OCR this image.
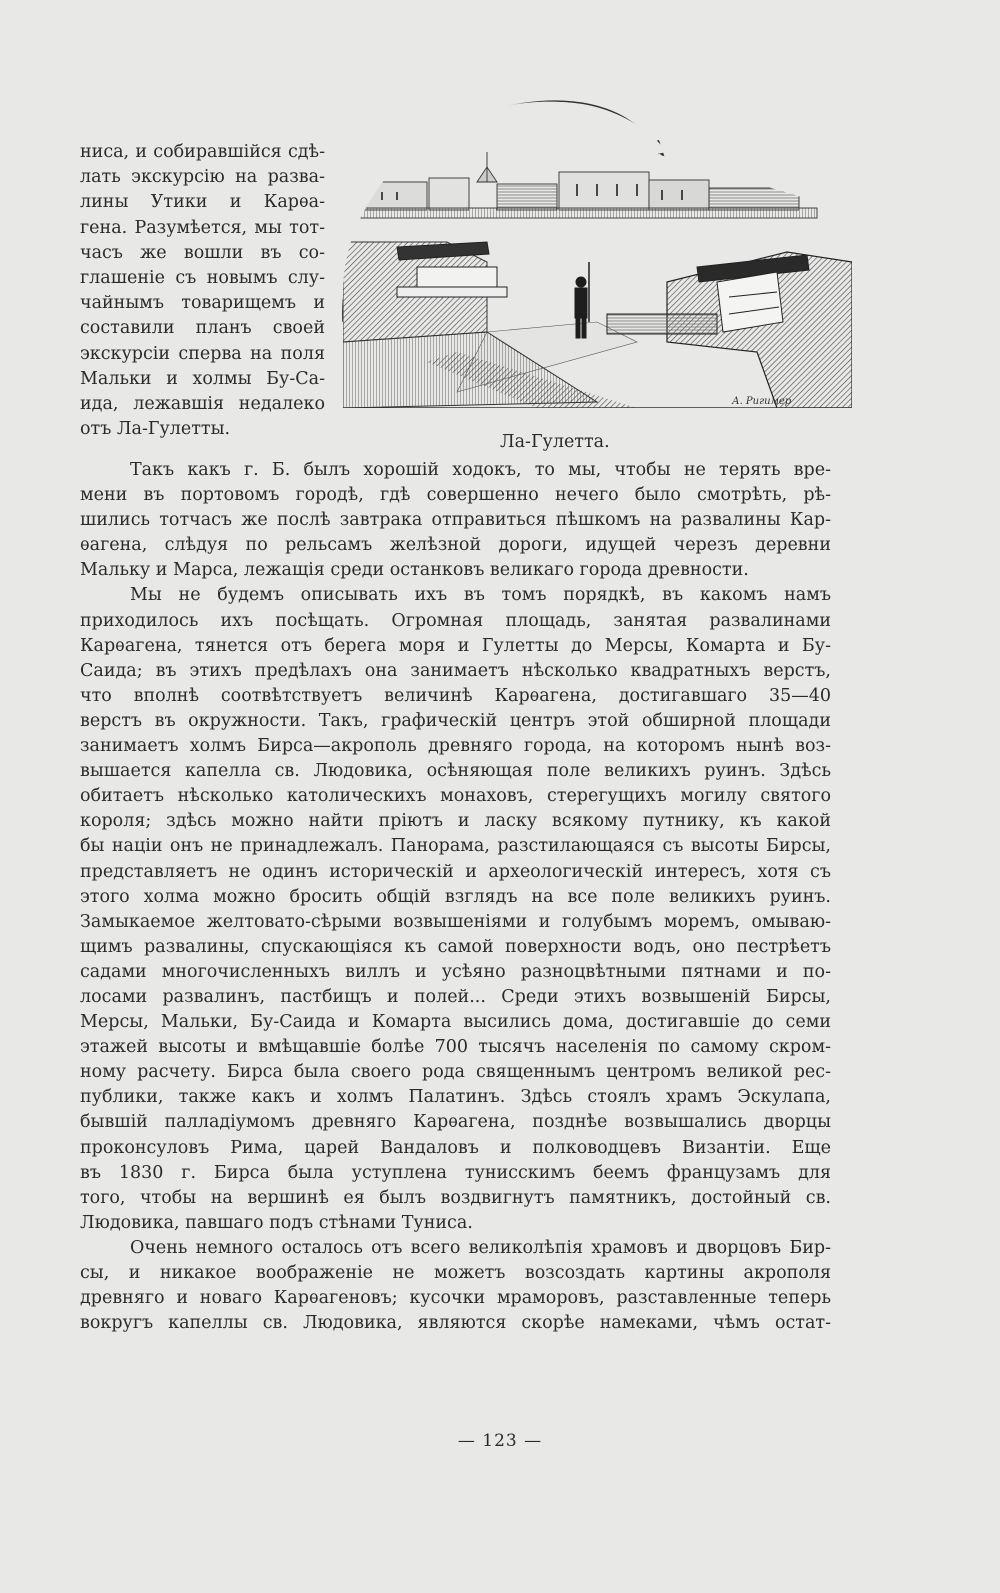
ниса, и собиравшійся сдѣ-
лать экскурсію на разва-
лины Утики и Карѳа-
гена. Разумѣется, мы тот-
часъ же вошли въ со-
глашеніе съ новымъ слу-
чайнымъ товарищемъ и
составили планъ своей
экскурсіи сперва на поля
Мальки и холмы Бу-Са-
ида, лежавшія недалеко
отъ Ла-Гулетты.
А. Ригимер
Ла-Гулетта.
Такъ какъ г. Б. былъ хорошій ходокъ, то мы, чтобы не терять вре-
мени въ портовомъ городѣ, гдѣ совершенно нечего было смотрѣть, рѣ-
шились тотчасъ же послѣ завтрака отправиться пѣшкомъ на развалины Кар-
ѳагена, слѣдуя по рельсамъ желѣзной дороги, идущей черезъ деревни
Мальку и Марса, лежащія среди останковъ великаго города древности.
Мы не будемъ описывать ихъ въ томъ порядкѣ, въ какомъ намъ
приходилось ихъ посѣщать. Огромная площадь, занятая развалинами
Карѳагена, тянется отъ берега моря и Гулетты до Мерсы, Комарта и Бу-
Саида; въ этихъ предѣлахъ она занимаетъ нѣсколько квадратныхъ верстъ,
что вполнѣ соотвѣтствуетъ величинѣ Карѳагена, достигавшаго 35—40
верстъ въ окружности. Такъ, графическій центръ этой обширной площади
занимаетъ холмъ Бирса—акрополь древняго города, на которомъ нынѣ воз-
вышается капелла св. Людовика, осѣняющая поле великихъ руинъ. Здѣсь
обитаетъ нѣсколько католическихъ монаховъ, стерегущихъ могилу святого
короля; здѣсь можно найти пріютъ и ласку всякому путнику, къ какой
бы націи онъ не принадлежалъ. Панорама, разстилающаяся съ высоты Бирсы,
представляетъ не одинъ историческій и археологическій интересъ, хотя съ
этого холма можно бросить общій взглядъ на все поле великихъ руинъ.
Замыкаемое желтовато-сѣрыми возвышеніями и голубымъ моремъ, омываю-
щимъ развалины, спускающіяся къ самой поверхности водъ, оно пестрѣетъ
садами многочисленныхъ виллъ и усѣяно разноцвѣтными пятнами и по-
лосами развалинъ, пастбищъ и полей... Среди этихъ возвышеній Бирсы,
Мерсы, Мальки, Бу-Саида и Комарта высились дома, достигавшіе до семи
этажей высоты и вмѣщавшіе болѣе 700 тысячъ населенія по самому скром-
ному расчету. Бирса была своего рода священнымъ центромъ великой рес-
публики, также какъ и холмъ Палатинъ. Здѣсь стоялъ храмъ Эскулапа,
бывшій палладіумомъ древняго Карѳагена, позднѣе возвышались дворцы
проконсуловъ Рима, царей Вандаловъ и полководцевъ Византіи. Еще
въ 1830 г. Бирса была уступлена тунисскимъ беемъ французамъ для
того, чтобы на вершинѣ ея былъ воздвигнутъ памятникъ, достойный св.
Людовика, павшаго подъ стѣнами Туниса.
Очень немного осталось отъ всего великолѣпія храмовъ и дворцовъ Бир-
сы, и никакое воображеніе не можетъ возсоздать картины акрополя
древняго и новаго Карѳагеновъ; кусочки мраморовъ, разставленные теперь
вокругъ капеллы св. Людовика, являются скорѣе намеками, чѣмъ остат-
— 123 —
